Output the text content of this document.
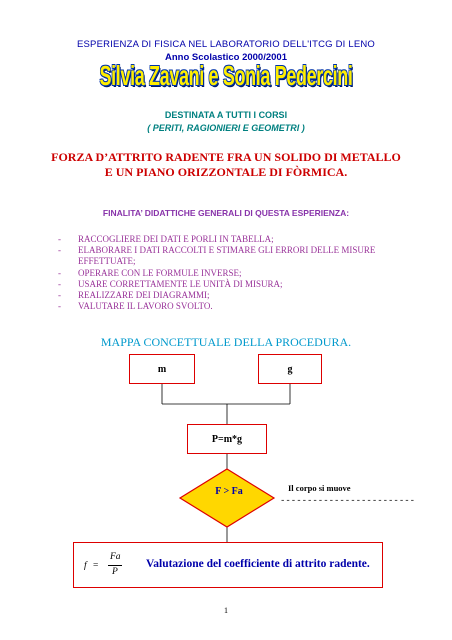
ESPERIENZA DI FISICA NEL LABORATORIO DELL'ITCG DI LENO
Anno Scolastico 2000/2001
Silvia Zavani e Sonia Pedercini
DESTINATA A TUTTI I CORSI
( PERITI, RAGIONIERI E GEOMETRI )
FORZA D’ATTRITO RADENTE FRA UN SOLIDO DI METALLO
E UN PIANO ORIZZONTALE DI FÒRMICA.
FINALITA’ DIDATTICHE GENERALI DI QUESTA ESPERIENZA:
- RACCOGLIERE DEI DATI E PORLI IN TABELLA;
- ELABORARE I DATI RACCOLTI E STIMARE GLI ERRORI DELLE MISURE EFFETTUATE;
- OPERARE CON LE FORMULE INVERSE;
- USARE CORRETTAMENTE LE UNITÀ DI MISURA;
- REALIZZARE DEI DIAGRAMMI;
- VALUTARE IL LAVORO SVOLTO.
MAPPA CONCETTUALE DELLA PROCEDURA.
m	g
P=m*g
F > Fa	Il corpo si muove
-------------------------
f =
Fa
P
Valutazione del coefficiente di attrito radente.
1
